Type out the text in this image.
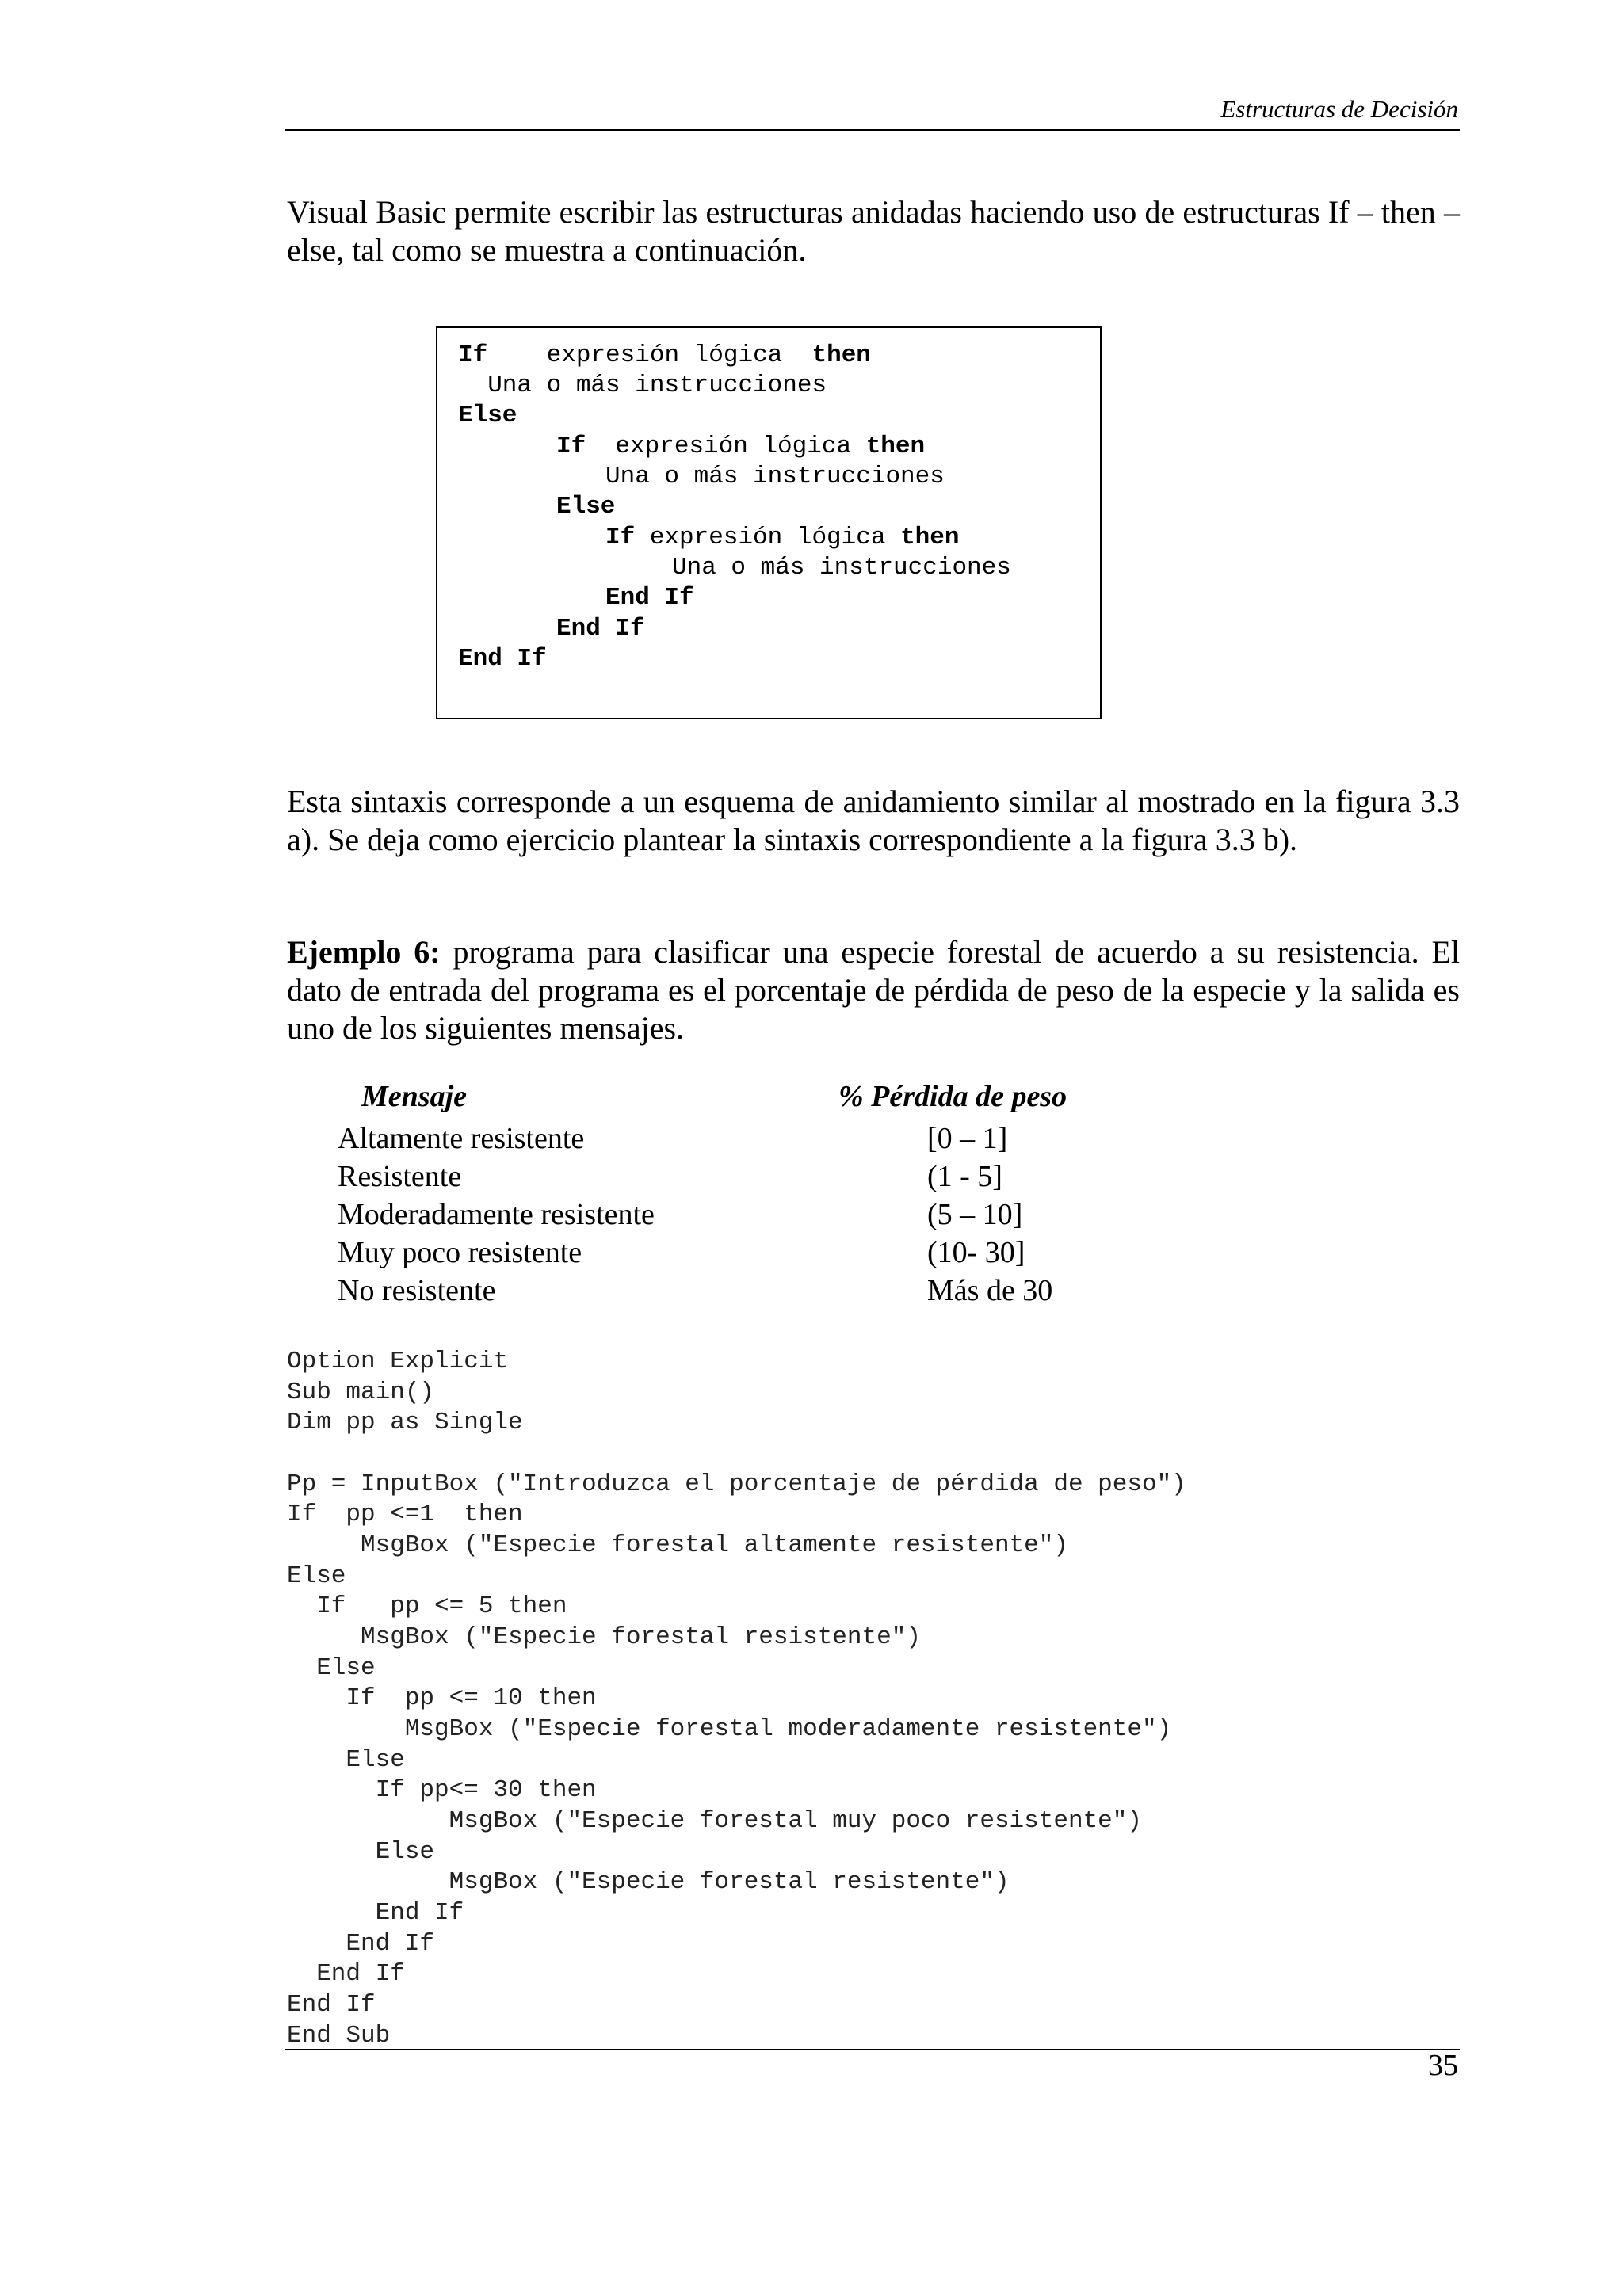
Estructuras de Decisión

Visual Basic permite escribir las estructuras anidadas haciendo uso de estructuras If – then – else, tal como se muestra a continuación.

If    expresión lógica  then
Una o más instrucciones
Else
If  expresión lógica then
Una o más instrucciones
Else
If expresión lógica then
Una o más instrucciones
End If
End If
End If

Esta sintaxis corresponde a un esquema de anidamiento similar al mostrado en la figura 3.3 a). Se deja como ejercicio plantear la sintaxis correspondiente a la figura 3.3 b).

Ejemplo 6: programa para clasificar una especie forestal de acuerdo a su resistencia. El dato de entrada del programa es el porcentaje de pérdida de peso de la especie y la salida es uno de los siguientes mensajes.

Mensaje	% Pérdida de peso
Altamente resistente	[0 – 1]
Resistente	(1 - 5]
Moderadamente resistente	(5 – 10]
Muy poco resistente	(10- 30]
No resistente	Más de 30
Option Explicit
Sub main()
Dim pp as Single
Pp = InputBox ("Introduzca el porcentaje de pérdida de peso")
If  pp <=1  then
MsgBox ("Especie forestal altamente resistente")
Else
If   pp <= 5 then
MsgBox ("Especie forestal resistente")
Else
If  pp <= 10 then
MsgBox ("Especie forestal moderadamente resistente")
Else
If pp<= 30 then
MsgBox ("Especie forestal muy poco resistente")
Else
MsgBox ("Especie forestal resistente")
End If
End If
End If
End If
End Sub
35
